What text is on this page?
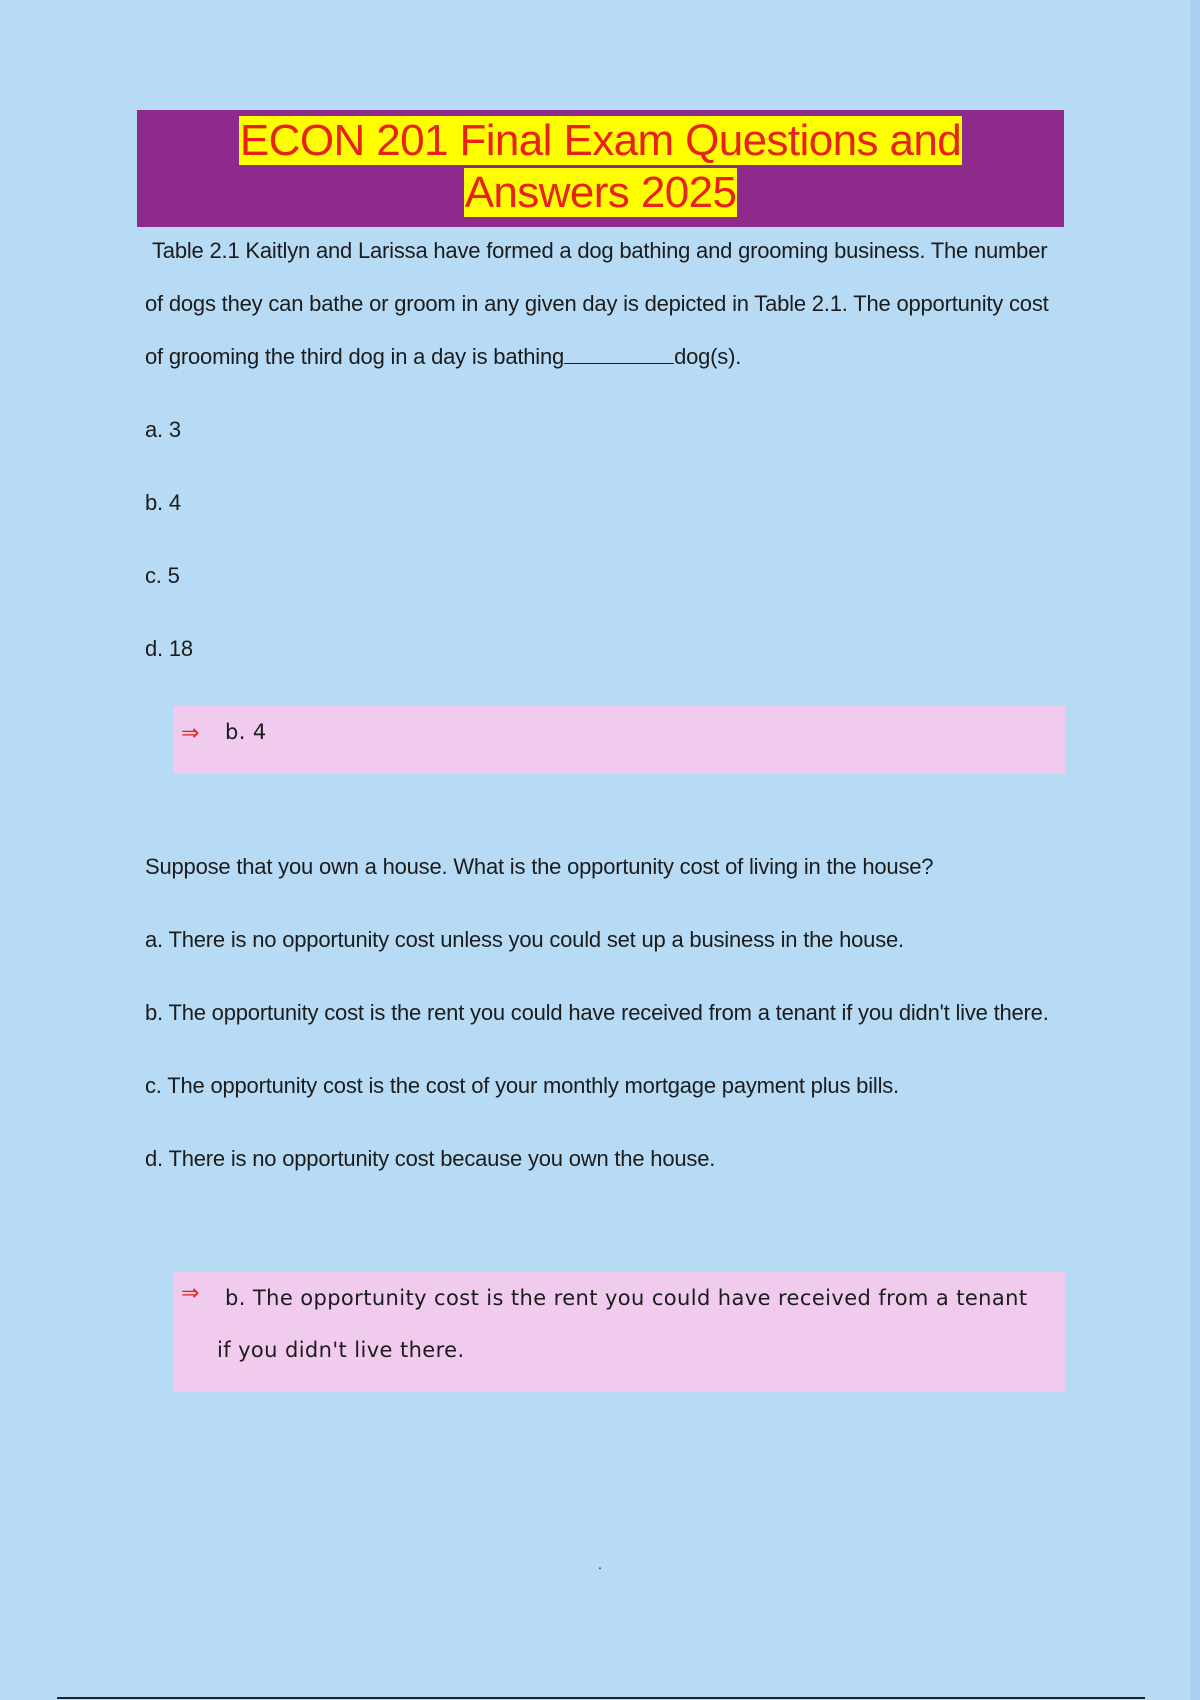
ECON 201 Final Exam Questions and
Answers 2025

Table 2.1 Kaitlyn and Larissa have formed a dog bathing and grooming business. The number of dogs they can bathe or groom in any given day is depicted in Table 2.1. The opportunity cost of grooming the third dog in a day is bathing	dog(s).

a. 3

b. 4

c. 5

d. 18

⇒ b. 4

Suppose that you own a house. What is the opportunity cost of living in the house?

a. There is no opportunity cost unless you could set up a business in the house.

b. The opportunity cost is the rent you could have received from a tenant if you didn't live there.

c. The opportunity cost is the cost of your monthly mortgage payment plus bills.

d. There is no opportunity cost because you own the house.

⇒	b. The opportunity cost is the rent you could have received from a tenant if you didn't live there.
.
